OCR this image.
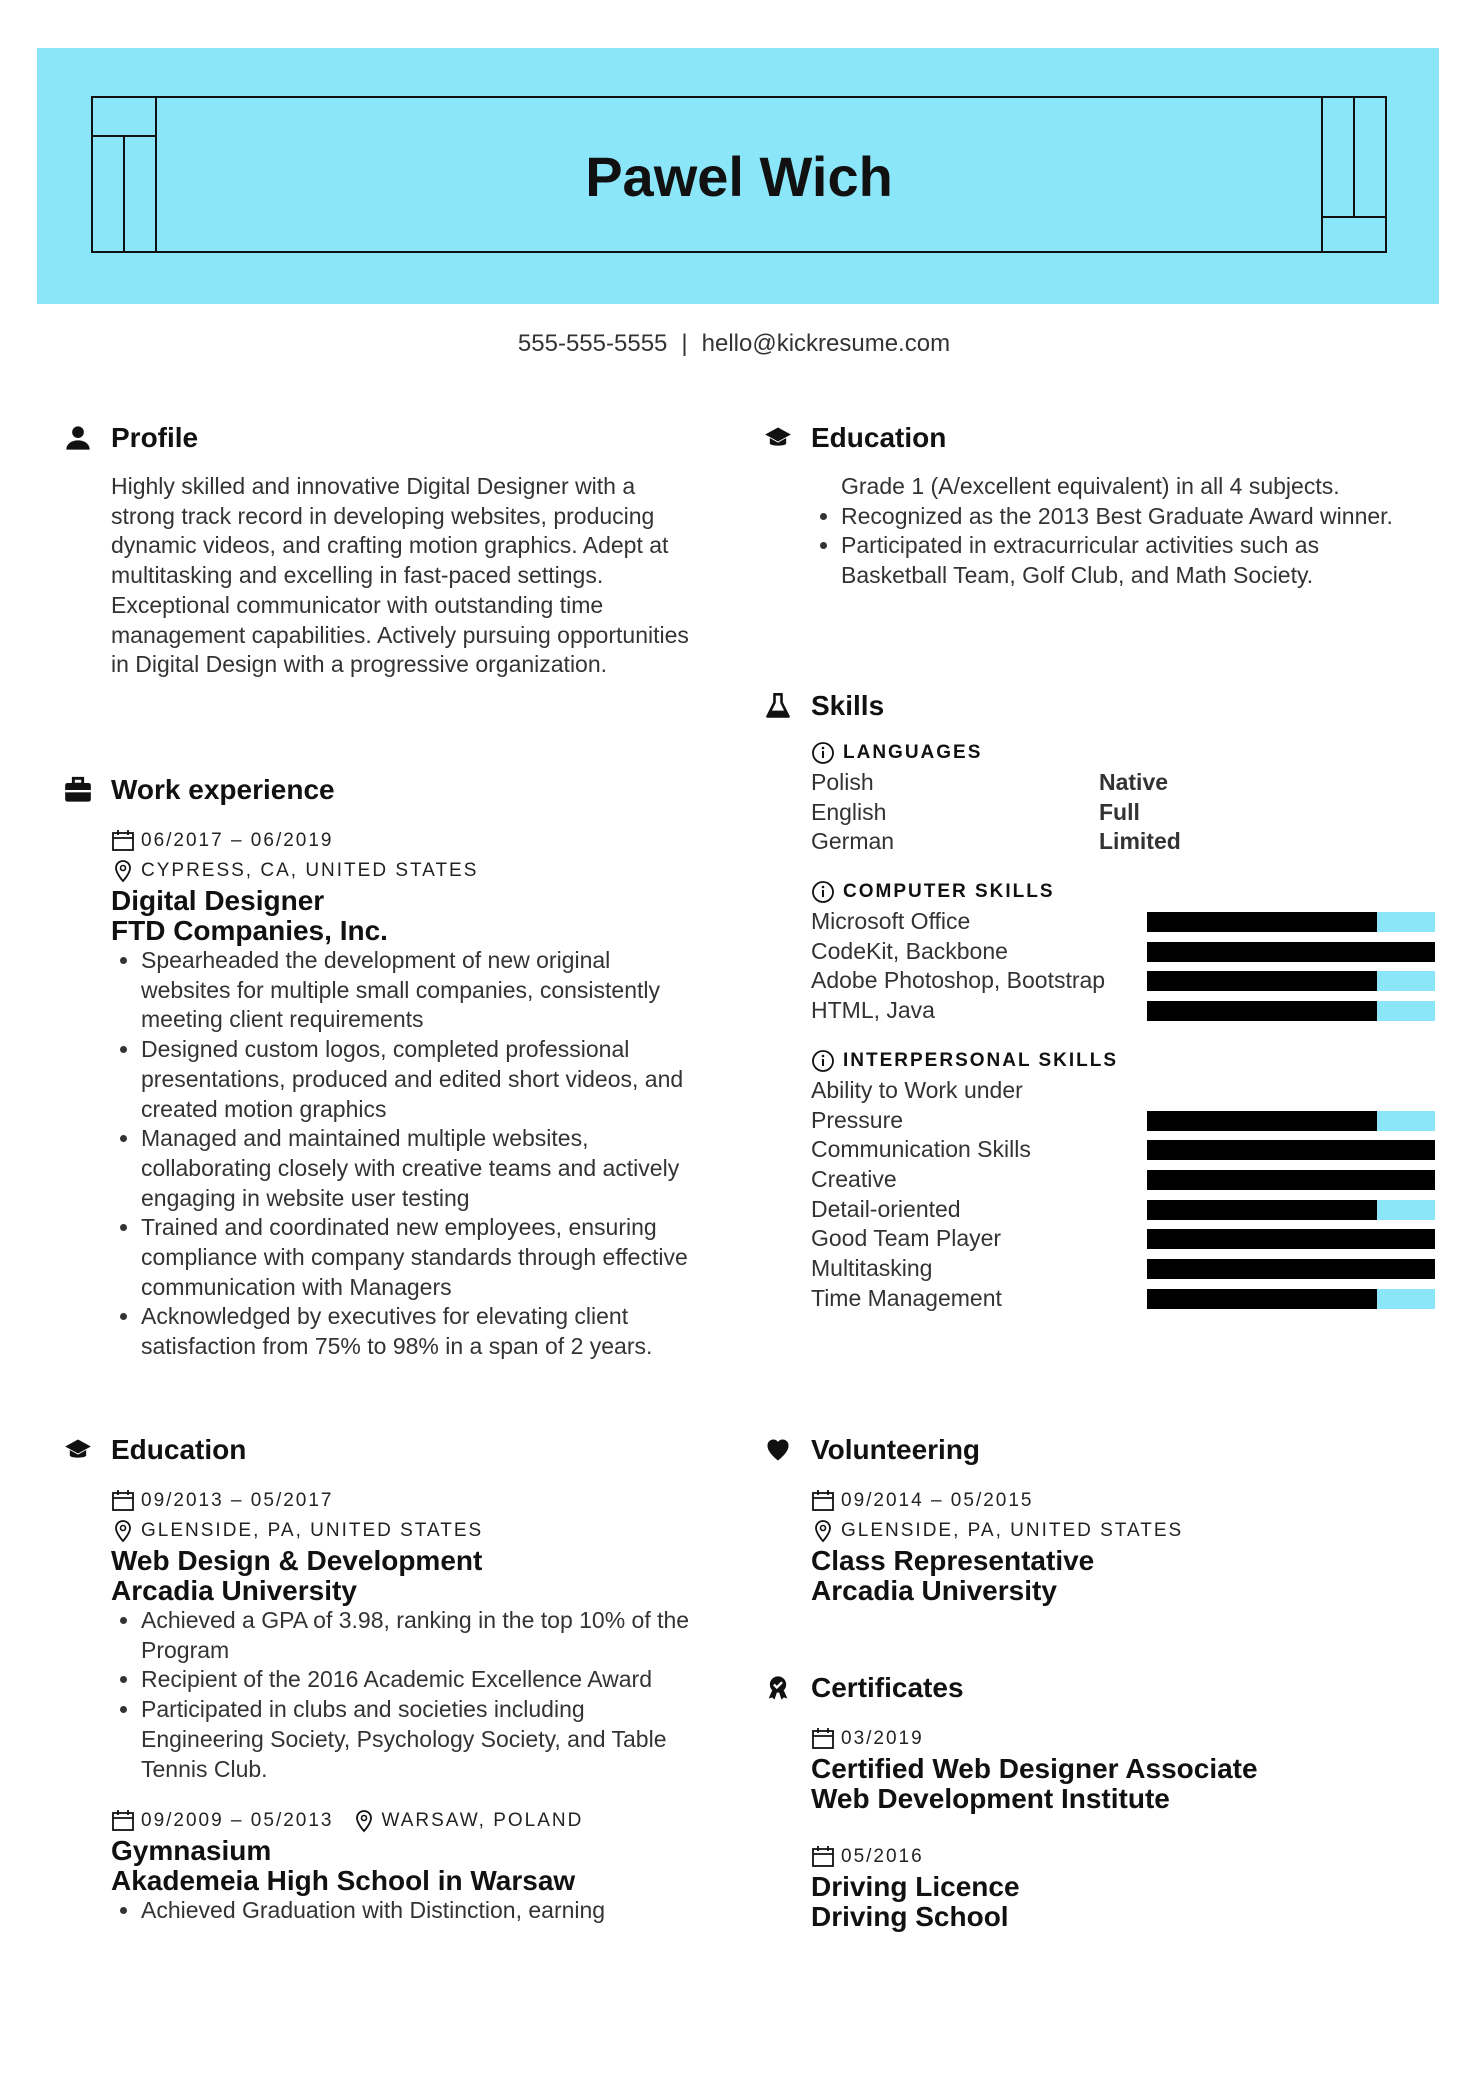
Pawel Wich
555-555-5555 | hello@kickresume.com
Profile

Highly skilled and innovative Digital Designer with a strong track record in developing websites, producing dynamic videos, and crafting motion graphics. Adept at multitasking and excelling in fast-paced settings. Exceptional communicator with outstanding time management capabilities. Actively pursuing opportunities in Digital Design with a progressive organization.

Work experience
06/2017 – 06/2019
CYPRESS, CA, UNITED STATES
Digital Designer
FTD Companies, Inc.
• Spearheaded the development of new original websites for multiple small companies, consistently meeting client requirements
• Designed custom logos, completed professional presentations, produced and edited short videos, and created motion graphics
• Managed and maintained multiple websites, collaborating closely with creative teams and actively engaging in website user testing
• Trained and coordinated new employees, ensuring compliance with company standards through effective communication with Managers
• Acknowledged by executives for elevating client satisfaction from 75% to 98% in a span of 2 years.
Education
09/2013 – 05/2017
GLENSIDE, PA, UNITED STATES
Web Design & Development
Arcadia University
• Achieved a GPA of 3.98, ranking in the top 10% of the Program
• Recipient of the 2016 Academic Excellence Award
• Participated in clubs and societies including Engineering Society, Psychology Society, and Table Tennis Club.
09/2009 – 05/2013	WARSAW, POLAND
Gymnasium
Akademeia High School in Warsaw
• Achieved Graduation with Distinction, earning
Education
Grade 1 (A/excellent equivalent) in all 4 subjects.
• Recognized as the 2013 Best Graduate Award winner.
• Participated in extracurricular activities such as Basketball Team, Golf Club, and Math Society.
Skills
LANGUAGES
Polish	Native
English	Full
German	Limited
COMPUTER SKILLS
Microsoft Office
CodeKit, Backbone
Adobe Photoshop, Bootstrap
HTML, Java
INTERPERSONAL SKILLS
Ability to Work under Pressure
Communication Skills
Creative
Detail-oriented
Good Team Player
Multitasking
Time Management
Volunteering
09/2014 – 05/2015
GLENSIDE, PA, UNITED STATES
Class Representative
Arcadia University
Certificates
03/2019
Certified Web Designer Associate
Web Development Institute
05/2016
Driving Licence
Driving School
